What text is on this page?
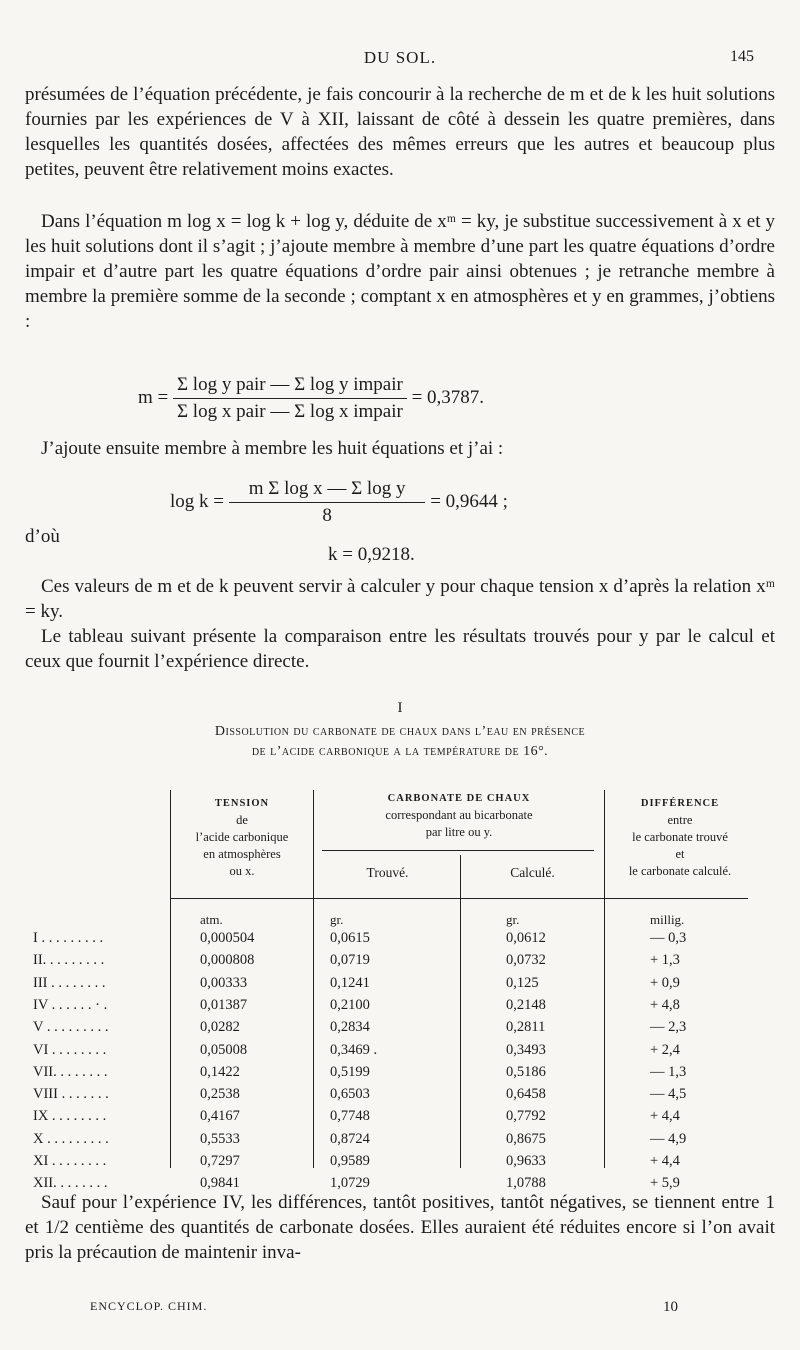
DU SOL.	145
présumées de l’équation précédente, je fais concourir à la recherche de m et de k les huit solutions fournies par les expériences de V à XII, laissant de côté à dessein les quatre premières, dans lesquelles les quantités dosées, affectées des mêmes erreurs que les autres et beaucoup plus petites, peuvent être relativement moins exactes.
Dans l’équation m log x = log k + log y, déduite de xᵐ = ky, je substitue successivement à x et y les huit solutions dont il s’agit ; j’ajoute membre à membre d’une part les quatre équations d’ordre impair et d’autre part les quatre équations d’ordre pair ainsi obtenues ; je retranche membre à membre la première somme de la seconde ; comptant x en atmosphères et y en grammes, j’obtiens :
$m = \frac{\text{Σ log y pair — Σ log y impair}}{\text{Σ log x pair — Σ log x impair}} = 0,3787$.
J’ajoute ensuite membre à membre les huit équations et j’ai :
$\log k = \frac{\text{m Σ log x — Σ log y}}{8} = 0,9644$ ;
d’où
k = 0,9218.
Ces valeurs de m et de k peuvent servir à calculer y pour chaque tension x d’après la relation xᵐ = ky.
Le tableau suivant présente la comparaison entre les résultats trouvés pour y par le calcul et ceux que fournit l’expérience directe.
I
Dissolution du carbonate de chaux dans l’eau en présence
de l’acide carbonique a la température de 16°.
TENSION
de
l’acide carbonique
en atmosphères
ou x.
CARBONATE DE CHAUX
correspondant au bicarbonate
par litre ou y.
Trouvé.	Calculé.
DIFFÉRENCE
entre
le carbonate trouvé
et
le carbonate calculé.
atm.	gr.	gr.	millig.
I . . . . . . . . .	0,000504	0,0615	0,0612	— 0,3
II. . . . . . . . .	0,000808	0,0719	0,0732	+ 1,3
III . . . . . . . .	0,00333	0,1241	0,125	+ 0,9
IV . . . . . . · .	0,01387	0,2100	0,2148	+ 4,8
V . . . . . . . . .	0,0282	0,2834	0,2811	— 2,3
VI . . . . . . . .	0,05008	0,3469 .	0,3493	+ 2,4
VII. . . . . . . .	0,1422	0,5199	0,5186	— 1,3
VIII . . . . . . .	0,2538	0,6503	0,6458	— 4,5
IX . . . . . . . .	0,4167	0,7748	0,7792	+ 4,4
X . . . . . . . . .	0,5533	0,8724	0,8675	— 4,9
XI . . . . . . . .	0,7297	0,9589	0,9633	+ 4,4
XII. . . . . . . .	0,9841	1,0729	1,0788	+ 5,9
Sauf pour l’expérience IV, les différences, tantôt positives, tantôt négatives, se tiennent entre 1 et 1/2 centième des quantités de carbonate dosées. Elles auraient été réduites encore si l’on avait pris la précaution de maintenir inva-
ENCYCLOP. CHIM.	10
